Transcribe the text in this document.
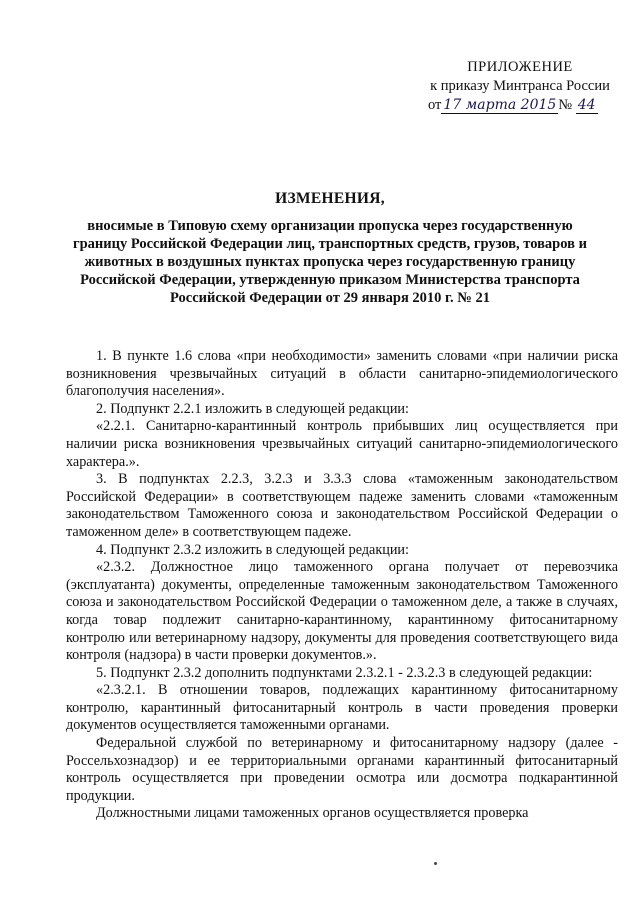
ПРИЛОЖЕНИЕ
к приказу Минтранса России
от 17 марта 2015 № 44
ИЗМЕНЕНИЯ,
вносимые в Типовую схему организации пропуска через государственную границу Российской Федерации лиц, транспортных средств, грузов, товаров и животных в воздушных пунктах пропуска через государственную границу Российской Федерации, утвержденную приказом Министерства транспорта Российской Федерации от 29 января 2010 г. № 21

1. В пункте 1.6 слова «при необходимости» заменить словами «при наличии риска возникновения чрезвычайных ситуаций в области санитарно-эпидемиологического благополучия населения».

2. Подпункт 2.2.1 изложить в следующей редакции:

«2.2.1. Санитарно-карантинный контроль прибывших лиц осуществляется при наличии риска возникновения чрезвычайных ситуаций санитарно-эпидемиологического характера.».

3. В подпунктах 2.2.3, 3.2.3 и 3.3.3 слова «таможенным законодательством Российской Федерации» в соответствующем падеже заменить словами «таможенным законодательством Таможенного союза и законодательством Российской Федерации о таможенном деле» в соответствующем падеже.

4. Подпункт 2.3.2 изложить в следующей редакции:

«2.3.2. Должностное лицо таможенного органа получает от перевозчика (эксплуатанта) документы, определенные таможенным законодательством Таможенного союза и законодательством Российской Федерации о таможенном деле, а также в случаях, когда товар подлежит санитарно-карантинному, карантинному фитосанитарному контролю или ветеринарному надзору, документы для проведения соответствующего вида контроля (надзора) в части проверки документов.».

5. Подпункт 2.3.2 дополнить подпунктами 2.3.2.1 - 2.3.2.3 в следующей редакции:

«2.3.2.1. В отношении товаров, подлежащих карантинному фитосанитарному контролю, карантинный фитосанитарный контроль в части проведения проверки документов осуществляется таможенными органами.

Федеральной службой по ветеринарному и фитосанитарному надзору (далее - Россельхознадзор) и ее территориальными органами карантинный фитосанитарный контроль осуществляется при проведении осмотра или досмотра подкарантинной продукции.

Должностными лицами таможенных органов осуществляется проверка
